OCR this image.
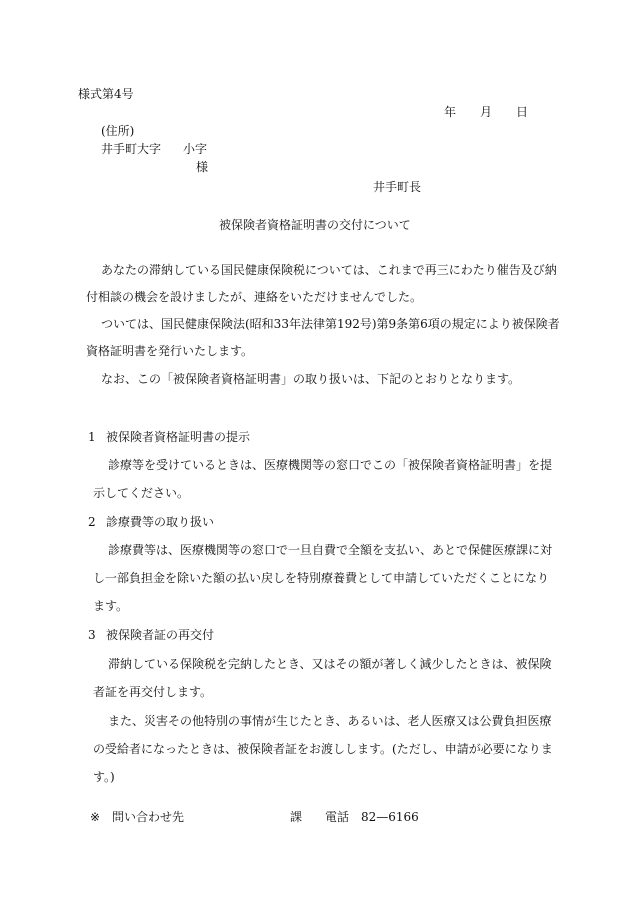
様式第4号
年 月 日
(住所)
井手町大字 小字
様
井手町長
被保険者資格証明書の交付について
あなたの滞納している国民健康保険税については、これまで再三にわたり催告及び納
付相談の機会を設けましたが、連絡をいただけませんでした。
ついては、国民健康保険法(昭和33年法律第192号)第9条第6項の規定により被保険者
資格証明書を発行いたします。
なお、この「被保険者資格証明書」の取り扱いは、下記のとおりとなります。
1 被保険者資格証明書の提示
診療等を受けているときは、医療機関等の窓口でこの「被保険者資格証明書」を提
示してください。
2 診療費等の取り扱い
診療費等は、医療機関等の窓口で一旦自費で全額を支払い、あとで保健医療課に対
し一部負担金を除いた額の払い戻しを特別療養費として申請していただくことになり
ます。
3 被保険者証の再交付
滞納している保険税を完納したとき、又はその額が著しく減少したときは、被保険
者証を再交付します。
また、災害その他特別の事情が生じたとき、あるいは、老人医療又は公費負担医療
の受給者になったときは、被保険者証をお渡しします。(ただし、申請が必要になりま
す。)
※ 問い合わせ先	課 電話 82—6166
